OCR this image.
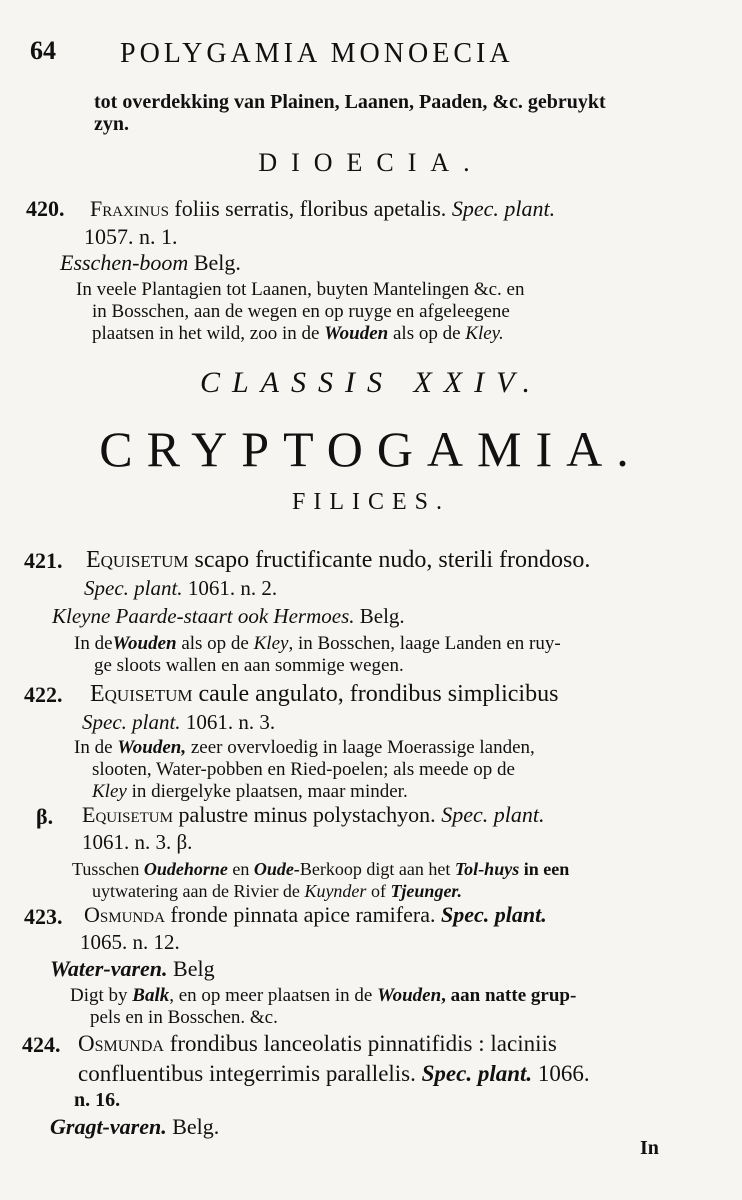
64 POLYGAMIA MONOECIA
tot overdekking van Plainen, Laanen, Paaden, &c. gebruykt
zyn.
DIOECIA.
420. Fraxinus foliis serratis, floribus apetalis. Spec. plant.
1057. n. 1.
Esschen-boom Belg.
In veele Plantagien tot Laanen, buyten Mantelingen &c. en
in Bosschen, aan de wegen en op ruyge en afgeleegene
plaatsen in het wild, zoo in de Wouden als op de Kley.
CLASSIS XXIV.
CRYPTOGAMIA.
FILICES.
421. Equisetum scapo fructificante nudo, sterili frondoso.
Spec. plant. 1061. n. 2.
Kleyne Paarde-staart ook Hermoes. Belg.
In deWouden als op de Kley, in Bosschen, laage Landen en ruy-
ge sloots wallen en aan sommige wegen.
422. Equisetum caule angulato, frondibus simplicibus
Spec. plant. 1061. n. 3.
In de Wouden, zeer overvloedig in laage Moerassige landen,
slooten, Water-pobben en Ried-poelen; als meede op de
Kley in diergelyke plaatsen, maar minder.
β. Equisetum palustre minus polystachyon. Spec. plant.
1061. n. 3. β.
Tusschen Oudehorne en Oude-Berkoop digt aan het Tol-huys in een
uytwatering aan de Rivier de Kuynder of Tjeunger.
423. Osmunda fronde pinnata apice ramifera. Spec. plant.
1065. n. 12.
Water-varen. Belg
Digt by Balk, en op meer plaatsen in de Wouden, aan natte grup-
pels en in Bosschen. &c.
424. Osmunda frondibus lanceolatis pinnatifidis : laciniis
confluentibus integerrimis parallelis. Spec. plant. 1066.
n. 16.
Gragt-varen. Belg.
In
